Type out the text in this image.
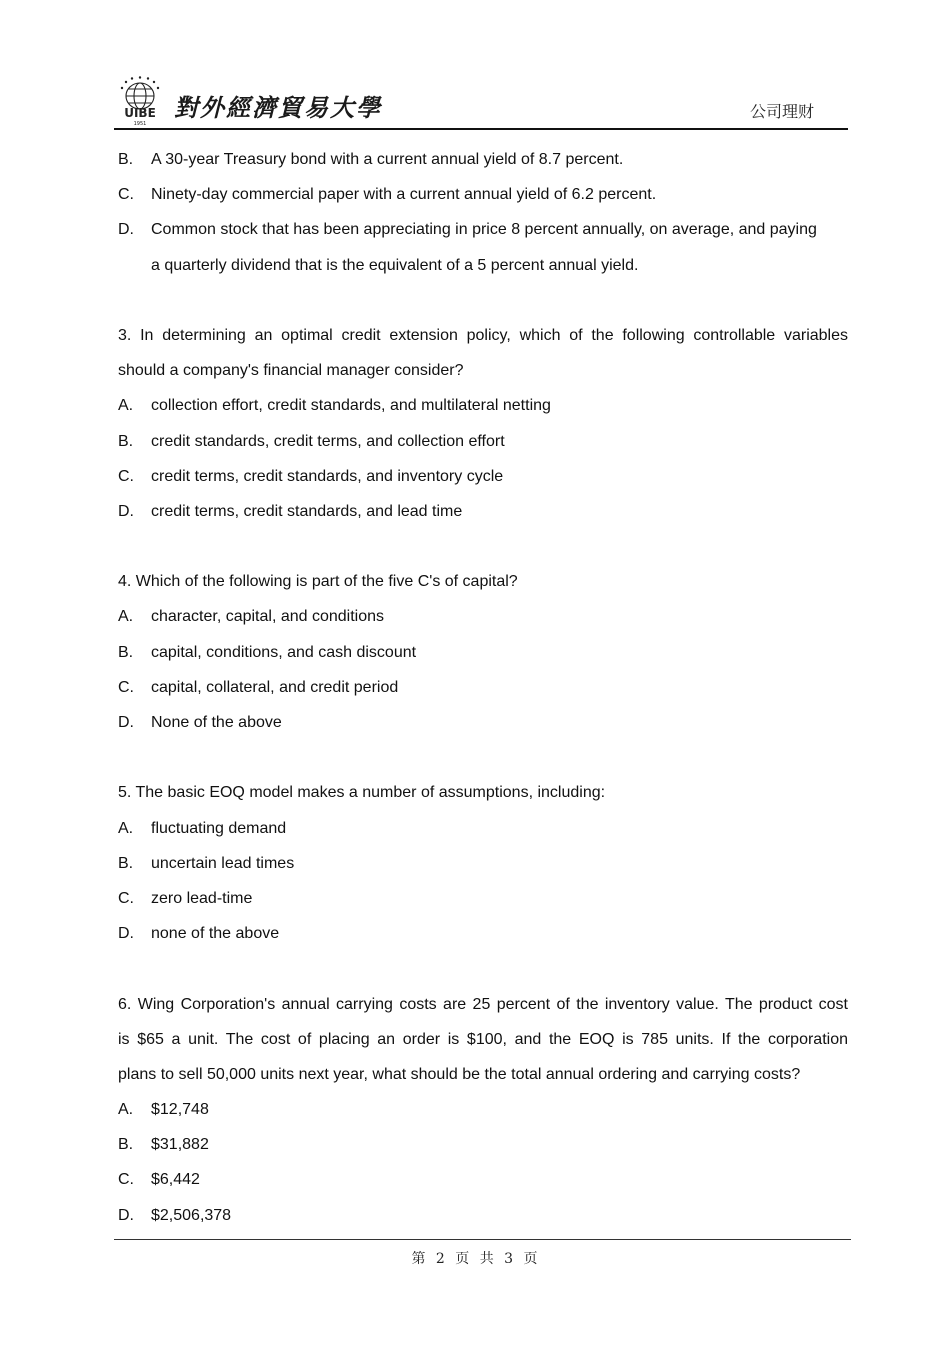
UIBE
1951
對外經濟貿易大學	公司理财
B. A 30-year Treasury bond with a current annual yield of 8.7 percent.
C. Ninety-day commercial paper with a current annual yield of 6.2 percent.
D. Common stock that has been appreciating in price 8 percent annually, on average, and paying
a quarterly dividend that is the equivalent of a 5 percent annual yield.
3. In determining an optimal credit extension policy, which of the following controllable variables
should a company's financial manager consider?
A. collection effort, credit standards, and multilateral netting
B. credit standards, credit terms, and collection effort
C. credit terms, credit standards, and inventory cycle
D. credit terms, credit standards, and lead time
4. Which of the following is part of the five C's of capital?
A. character, capital, and conditions
B. capital, conditions, and cash discount
C. capital, collateral, and credit period
D. None of the above
5. The basic EOQ model makes a number of assumptions, including:
A. fluctuating demand
B. uncertain lead times
C. zero lead-time
D. none of the above
6. Wing Corporation's annual carrying costs are 25 percent of the inventory value. The product cost
is $65 a unit. The cost of placing an order is $100, and the EOQ is 785 units. If the corporation
plans to sell 50,000 units next year, what should be the total annual ordering and carrying costs?
A. $12,748
B. $31,882
C. $6,442
D. $2,506,378
第 2 页 共 3 页
